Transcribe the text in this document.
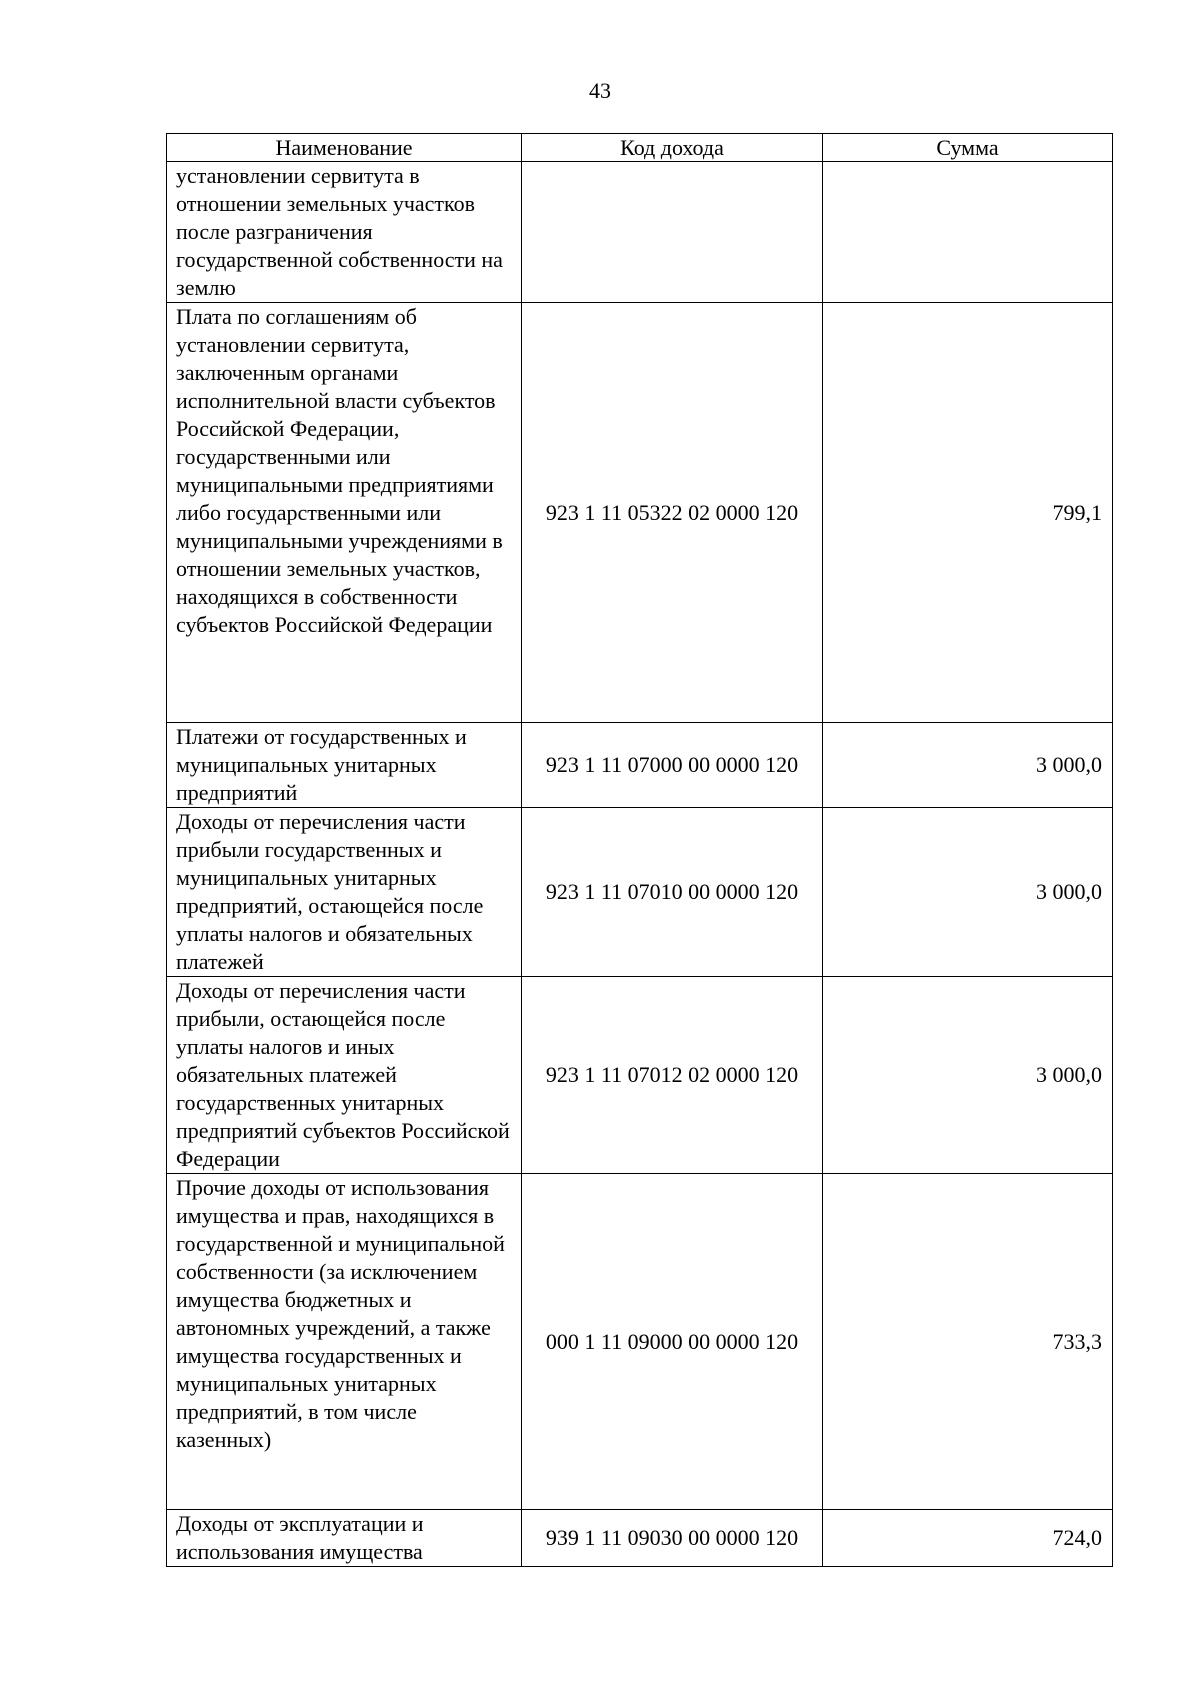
43
Наименование	Код дохода	Сумма
установлении сервитута в отношении земельных участков после разграничения государственной собственности на землю		
Плата по соглашениям об установлении сервитута, заключенным органами исполнительной власти субъектов Российской Федерации, государственными или муниципальными предприятиями либо государственными или муниципальными учреждениями в отношении земельных участков, находящихся в собственности субъектов Российской Федерации	923 1 11 05322 02 0000 120	799,1
Платежи от государственных и муниципальных унитарных предприятий	923 1 11 07000 00 0000 120	3 000,0
Доходы от перечисления части прибыли государственных и муниципальных унитарных предприятий, остающейся после уплаты налогов и обязательных платежей	923 1 11 07010 00 0000 120	3 000,0
Доходы от перечисления части прибыли, остающейся после уплаты налогов и иных обязательных платежей государственных унитарных предприятий субъектов Российской Федерации	923 1 11 07012 02 0000 120	3 000,0
Прочие доходы от использования имущества и прав, находящихся в государственной и муниципальной собственности (за исключением имущества бюджетных и автономных учреждений, а также имущества государственных и муниципальных унитарных предприятий, в том числе казенных)	000 1 11 09000 00 0000 120	733,3
Доходы от эксплуатации и использования имущества	939 1 11 09030 00 0000 120	724,0
